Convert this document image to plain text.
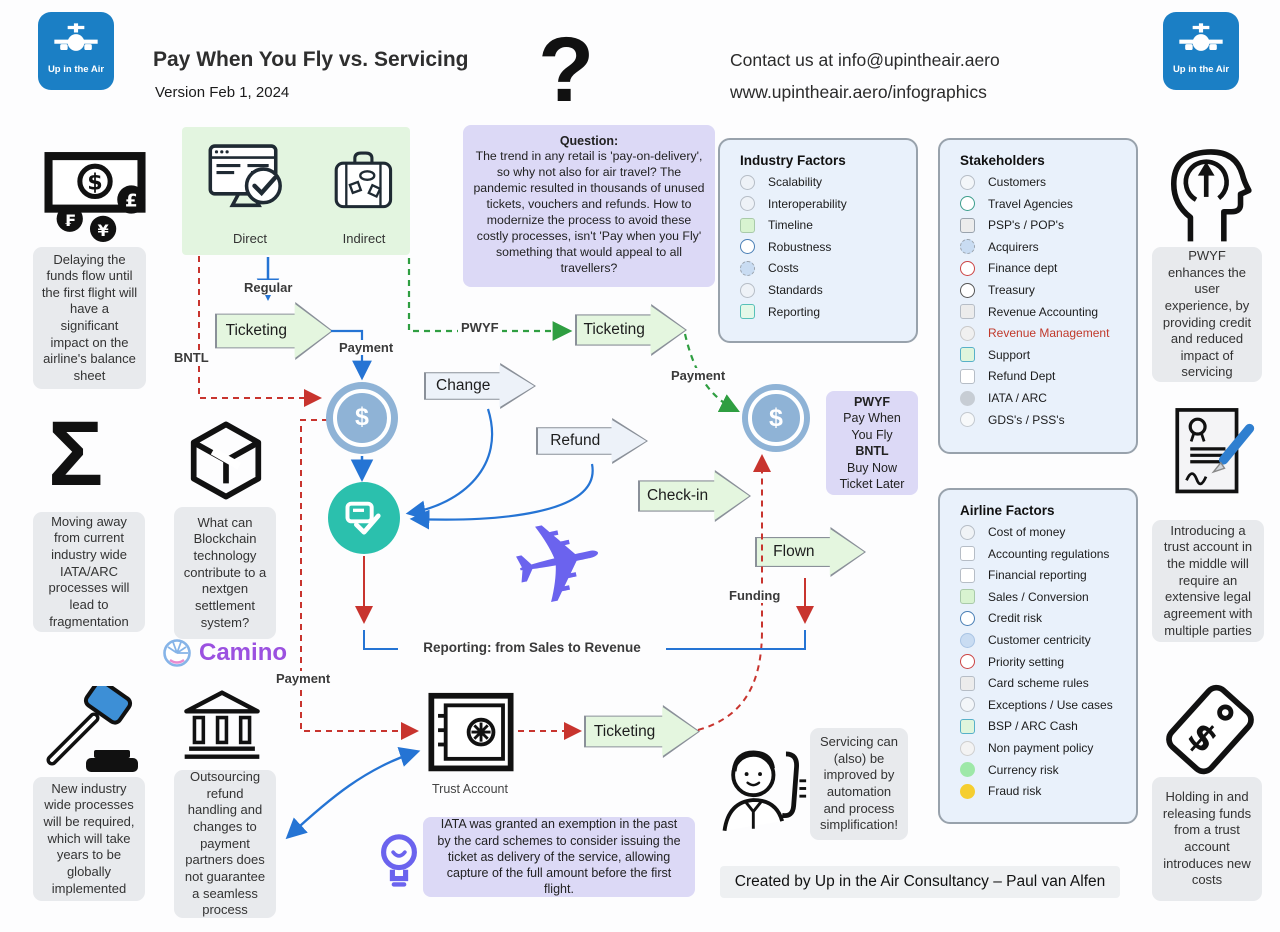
Up in the Air Pay When You Fly vs. Servicing
Version Feb 1, 2024	?	Contact us at info@upintheair.aero
www.upintheair.aero/infographics
Up in the Air
Direct	Indirect
Question:
The trend in any retail is 'pay-on-delivery', so why not also for air travel? The pandemic resulted in thousands of unused tickets, vouchers and refunds. How to modernize the process to avoid these costly processes, isn't 'Pay when you Fly' something that would appeal to all travellers?
Industry Factors
Scalability
Interoperability
Timeline
Robustness
Costs
Standards
Reporting
Stakeholders
Customers
Travel Agencies
PSP's / POP's
Acquirers
Finance dept
Treasury
Revenue Accounting
Revenue Management
Support
Refund Dept
IATA / ARC
GDS's / PSS's
Airline Factors
Cost of money
Accounting regulations
Financial reporting
Sales / Conversion
Credit risk
Customer centricity
Priority setting
Card scheme rules
Exceptions / Use cases
BSP / ARC Cash
Non payment policy
Currency risk
Fraud risk
$
£
₣
¥
Delaying the funds flow until the first flight will have a significant impact on the airline's balance sheet
Σ
Moving away from current industry wide IATA/ARC processes will lead to fragmentation
New industry wide processes will be required, which will take years to be globally implemented
What can Blockchain technology contribute to a nextgen settlement system?
Camino
Outsourcing refund handling and changes to payment partners does not guarantee a seamless process
PWYF enhances the user experience, by providing credit and reduced impact of servicing
Introducing a trust account in the middle will require an extensive legal agreement with multiple parties
$
Holding in and releasing funds from a trust account introduces new costs
Ticketing	Ticketing
Change
Refund
Check-in
Flown
Ticketing
$	$
PWYF
Pay When
You Fly
BNTL
Buy Now
Ticket Later
Trust Account
✈
Servicing can (also) be improved by automation and process simplification!
IATA was granted an exemption in the past by the card schemes to consider issuing the ticket as delivery of the service, allowing capture of the full amount before the first flight.	Created by Up in the Air Consultancy – Paul van Alfen
Regular
BNTL
Payment
PWYF
Payment
Funding
Payment
Reporting: from Sales to Revenue
